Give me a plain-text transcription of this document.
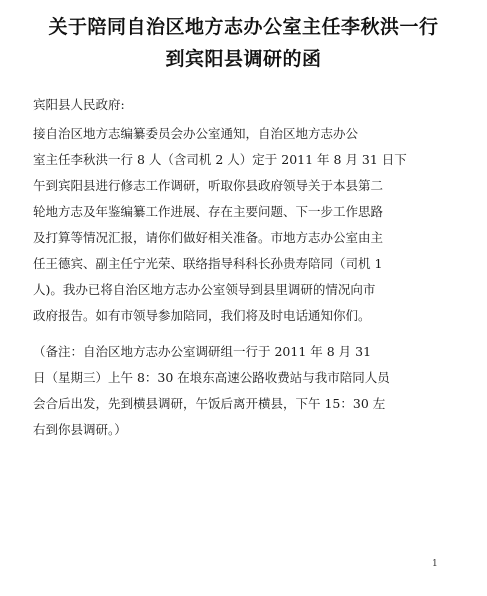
关于陪同自治区地方志办公室主任李秋洪一行
到宾阳县调研的函
宾阳县人民政府:
接自治区地方志编纂委员会办公室通知，自治区地方志办公
室主任李秋洪一行 8 人（含司机 2 人）定于 2011 年 8 月 31 日下
午到宾阳县进行修志工作调研，听取你县政府领导关于本县第二
轮地方志及年鉴编纂工作进展、存在主要问题、下一步工作思路
及打算等情况汇报，请你们做好相关准备。市地方志办公室由主
任王德宾、副主任宁光荣、联络指导科科长孙贵寿陪同（司机 1
人)。我办已将自治区地方志办公室领导到县里调研的情况向市
政府报告。如有市领导参加陪同，我们将及时电话通知你们。
（备注：自治区地方志办公室调研组一行于 2011 年 8 月 31
日（星期三）上午 8：30 在埌东高速公路收费站与我市陪同人员
会合后出发，先到横县调研，午饭后离开横县，下午 15：30 左
右到你县调研。）
1
